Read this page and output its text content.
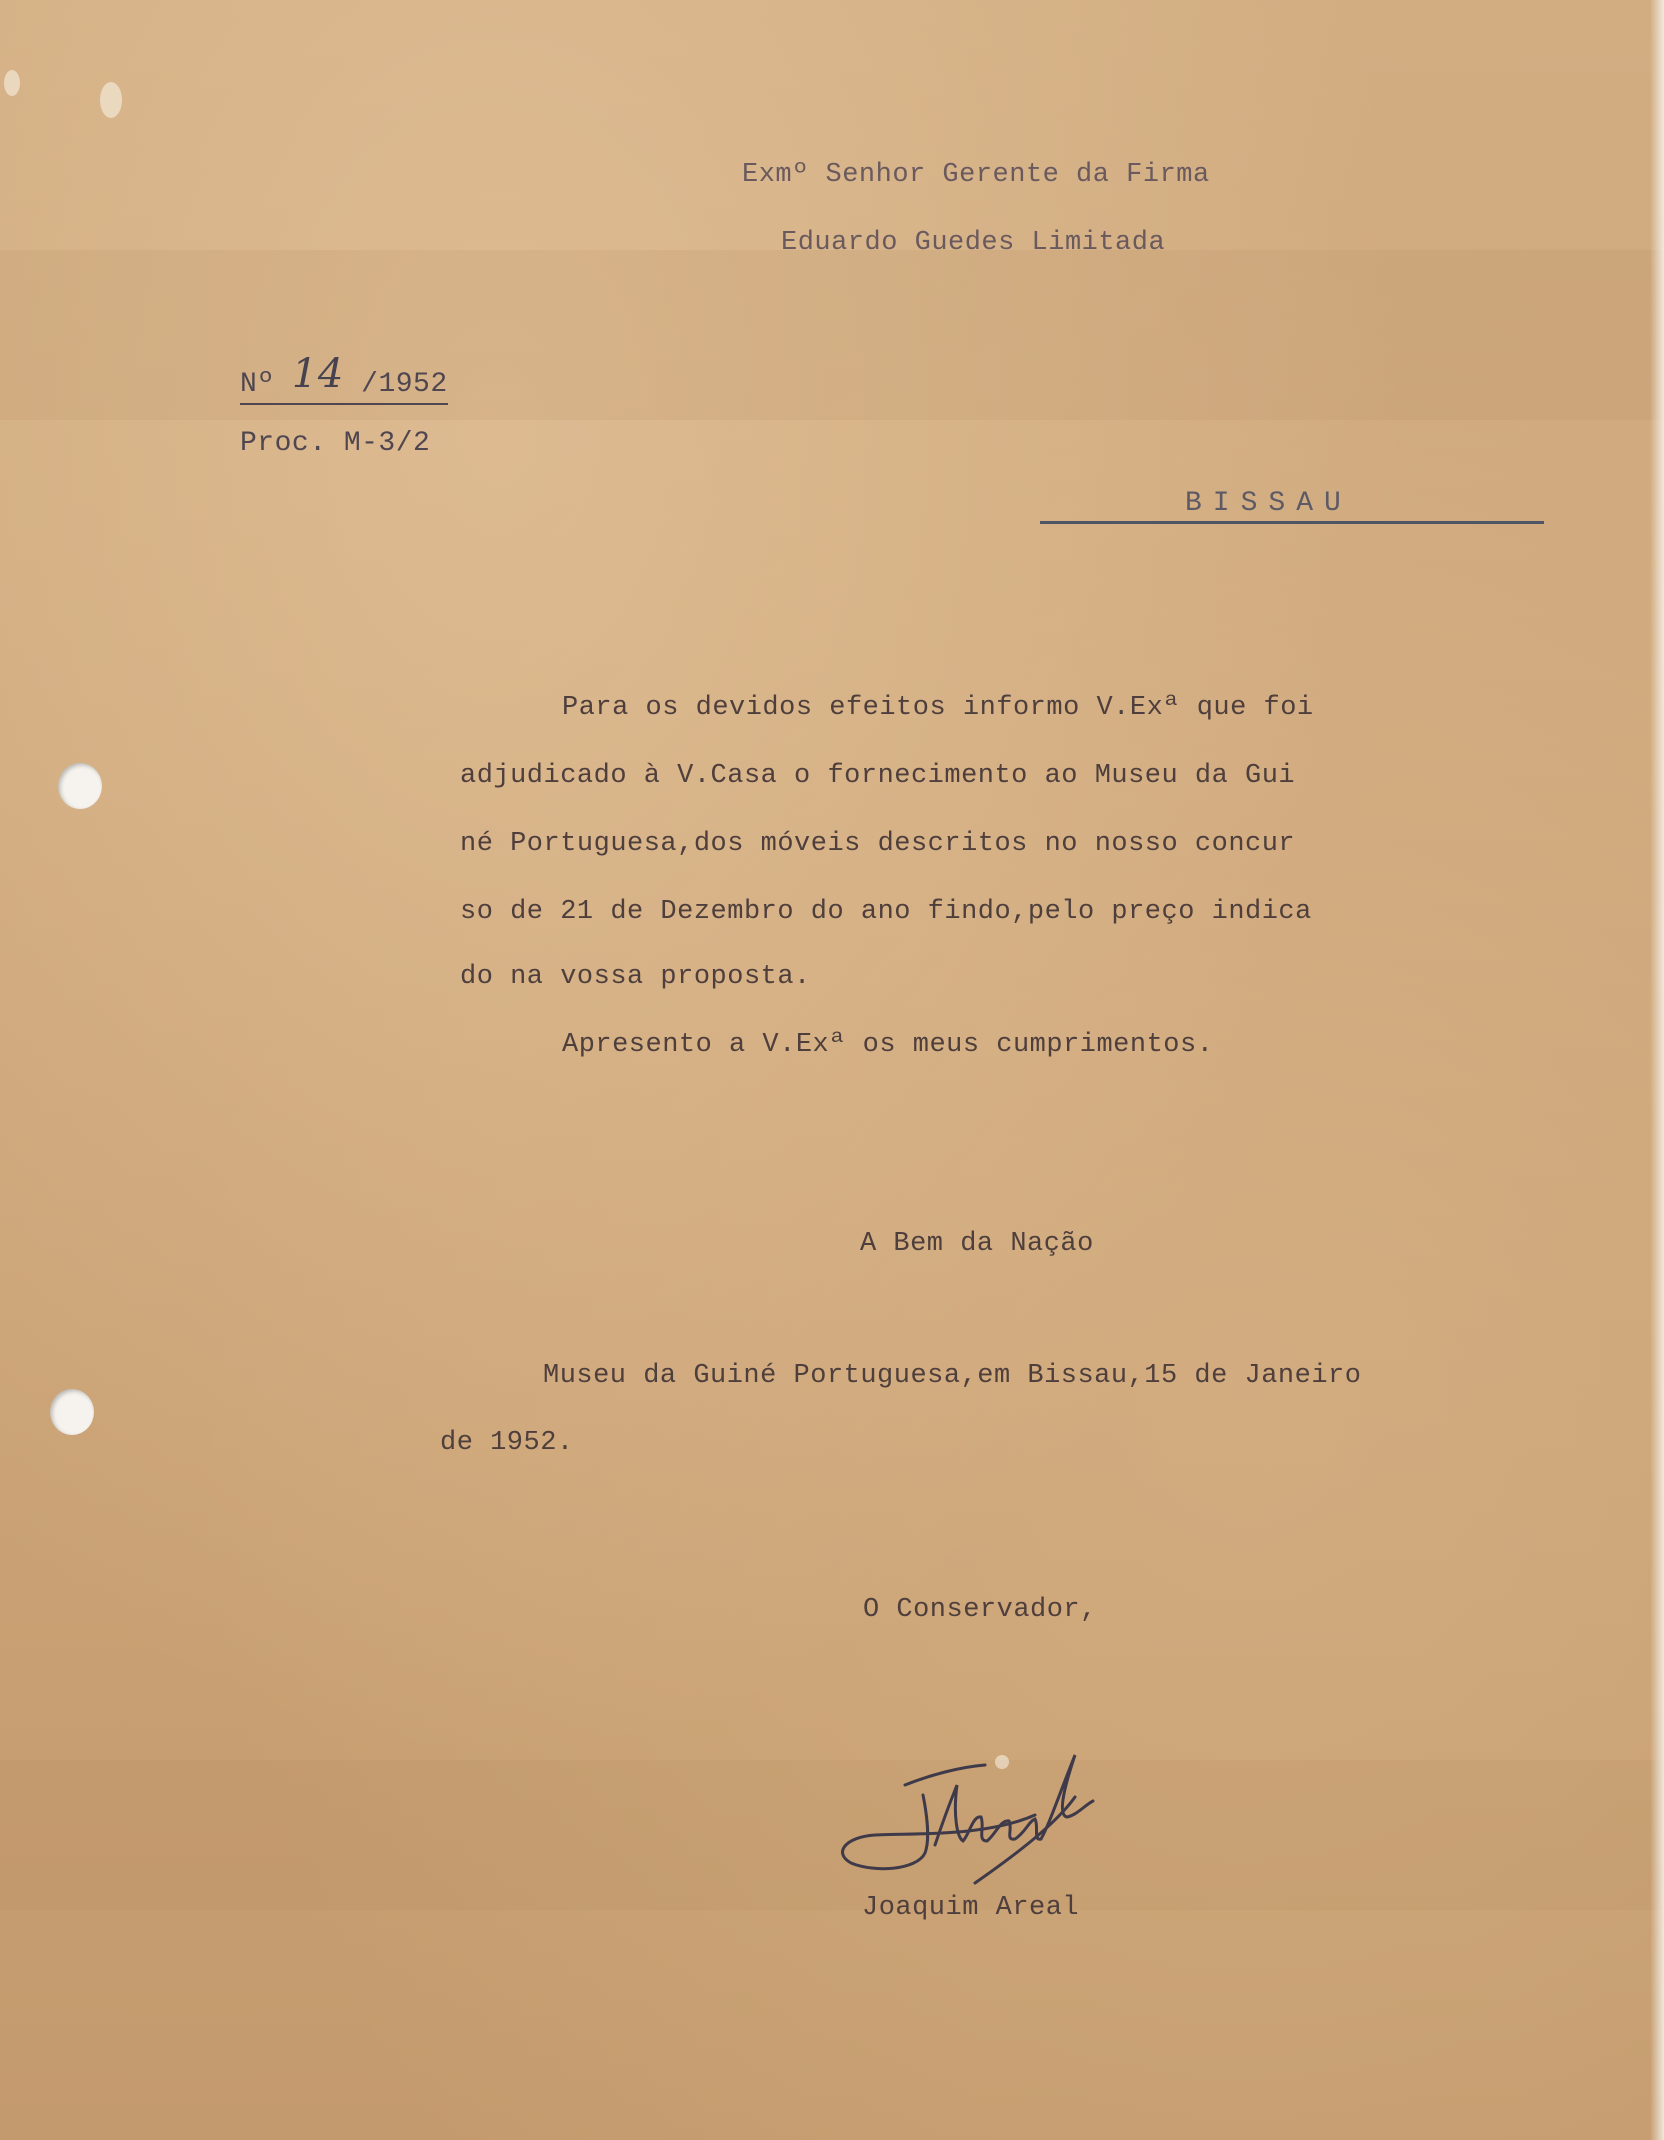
Exmº Senhor Gerente da Firma
Eduardo Guedes Limitada
Nº 14 /1952
Proc. M-3/2
BISSAU
Para os devidos efeitos informo V.Exª que foi
adjudicado à V.Casa o fornecimento ao Museu da Gui
né Portuguesa,dos móveis descritos no nosso concur
so de 21 de Dezembro do ano findo,pelo preço indica
do na vossa proposta.
Apresento a V.Exª os meus cumprimentos.
A Bem da Nação
Museu da Guiné Portuguesa,em Bissau,15 de Janeiro
de 1952.
O Conservador,
Joaquim Areal
